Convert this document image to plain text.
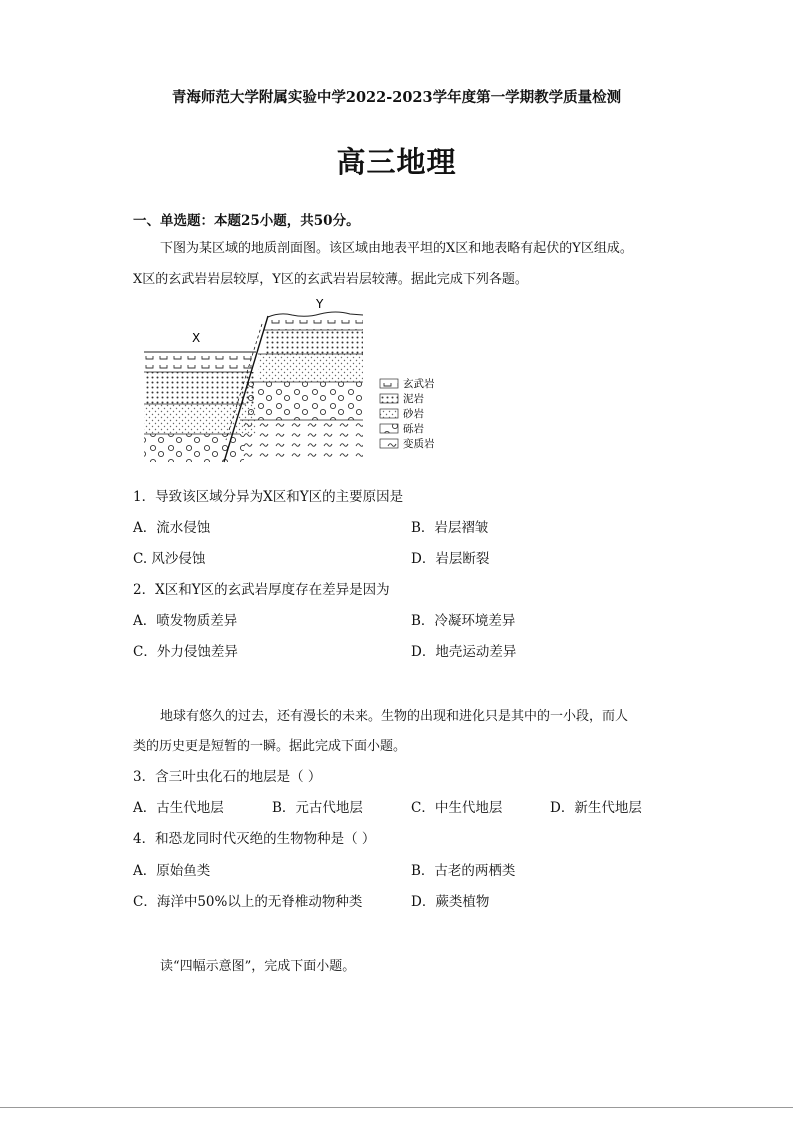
青海师范大学附属实验中学2022-2023学年度第一学期教学质量检测
高三地理
一、单选题：本题25小题，共50分。
下图为某区域的地质剖面图。该区域由地表平坦的X区和地表略有起伏的Y区组成。
X区的玄武岩岩层较厚，Y区的玄武岩岩层较薄。据此完成下列各题。
X
Y
玄武岩
泥岩
砂岩
砾岩
变质岩
1．导致该区域分异为X区和Y区的主要原因是
A．流水侵蚀	B．岩层褶皱
C. 风沙侵蚀	D．岩层断裂
2．X区和Y区的玄武岩厚度存在差异是因为
A．喷发物质差异	B．冷凝环境差异
C．外力侵蚀差异	D．地壳运动差异
地球有悠久的过去，还有漫长的未来。生物的出现和进化只是其中的一小段，而人
类的历史更是短暂的一瞬。据此完成下面小题。
3．含三叶虫化石的地层是（ ）
A．古生代地层	B．元古代地层	C．中生代地层	D．新生代地层
4．和恐龙同时代灭绝的生物物种是（ ）
A．原始鱼类	B．古老的两栖类
C．海洋中50%以上的无脊椎动物种类	D．蕨类植物
读“四幅示意图”，完成下面小题。
